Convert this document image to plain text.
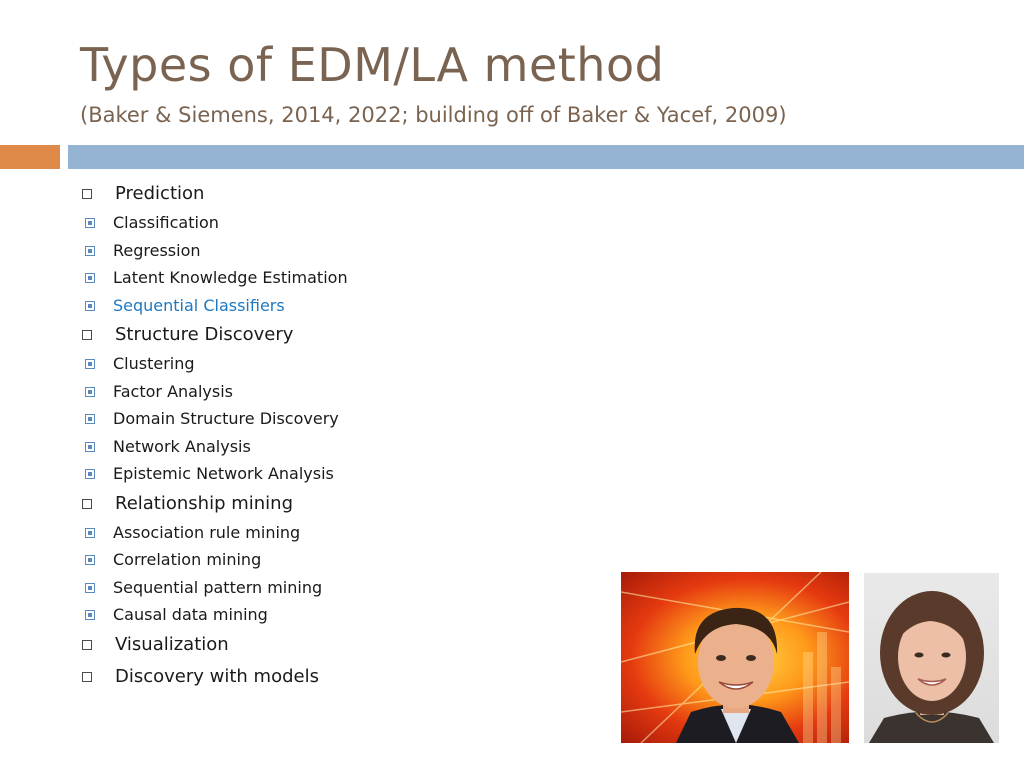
Types of EDM/LA method

(Baker & Siemens, 2014, 2022; building off of Baker & Yacef, 2009)

Prediction
Classification
Regression
Latent Knowledge Estimation
Sequential Classifiers
Structure Discovery
Clustering
Factor Analysis
Domain Structure Discovery
Network Analysis
Epistemic Network Analysis
Relationship mining
Association rule mining
Correlation mining
Sequential pattern mining
Causal data mining
Visualization
Discovery with models
